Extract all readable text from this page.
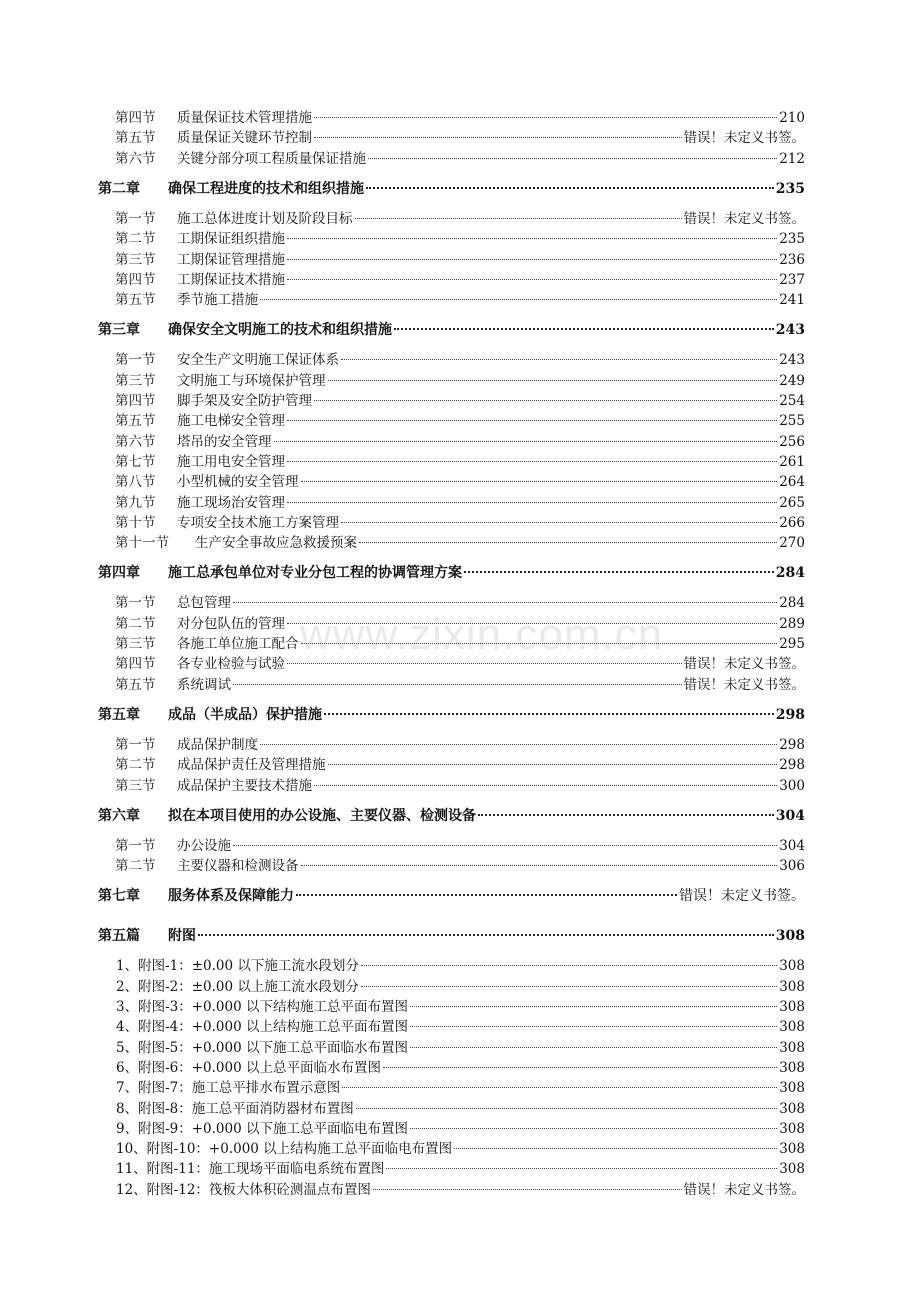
www.zixin.com.cn
第四节 质量保证技术管理措施	210
第五节 质量保证关键环节控制	错误！未定义书签。
第六节 关键分部分项工程质量保证措施	212
第二章 确保工程进度的技术和组织措施	235
第一节 施工总体进度计划及阶段目标	错误！未定义书签。
第二节 工期保证组织措施	235
第三节 工期保证管理措施	236
第四节 工期保证技术措施	237
第五节 季节施工措施	241
第三章 确保安全文明施工的技术和组织措施	243
第一节 安全生产文明施工保证体系	243
第三节 文明施工与环境保护管理	249
第四节 脚手架及安全防护管理	254
第五节 施工电梯安全管理	255
第六节 塔吊的安全管理	256
第七节 施工用电安全管理	261
第八节 小型机械的安全管理	264
第九节 施工现场治安管理	265
第十节 专项安全技术施工方案管理	266
第十一节 生产安全事故应急救援预案	270
第四章 施工总承包单位对专业分包工程的协调管理方案	284
第一节 总包管理	284
第二节 对分包队伍的管理	289
第三节 各施工单位施工配合	295
第四节 各专业检验与试验	错误！未定义书签。
第五节 系统调试	错误！未定义书签。
第五章 成品（半成品）保护措施	298
第一节 成品保护制度	298
第二节 成品保护责任及管理措施	298
第三节 成品保护主要技术措施	300
第六章 拟在本项目使用的办公设施、主要仪器、检测设备	304
第一节 办公设施	304
第二节 主要仪器和检测设备	306
第七章 服务体系及保障能力	错误！未定义书签。
第五篇 附图	308
1、附图-1：±0.00 以下施工流水段划分	308
2、附图-2：±0.00 以上施工流水段划分	308
3、附图-3：+0.000 以下结构施工总平面布置图	308
4、附图-4：+0.000 以上结构施工总平面布置图	308
5、附图-5：+0.000 以下施工总平面临水布置图	308
6、附图-6：+0.000 以上总平面临水布置图	308
7、附图-7：施工总平排水布置示意图	308
8、附图-8：施工总平面消防器材布置图	308
9、附图-9：+0.000 以下施工总平面临电布置图	308
10、附图-10：+0.000 以上结构施工总平面临电布置图	308
11、附图-11：施工现场平面临电系统布置图	308
12、附图-12：筏板大体积砼测温点布置图	错误！未定义书签。
